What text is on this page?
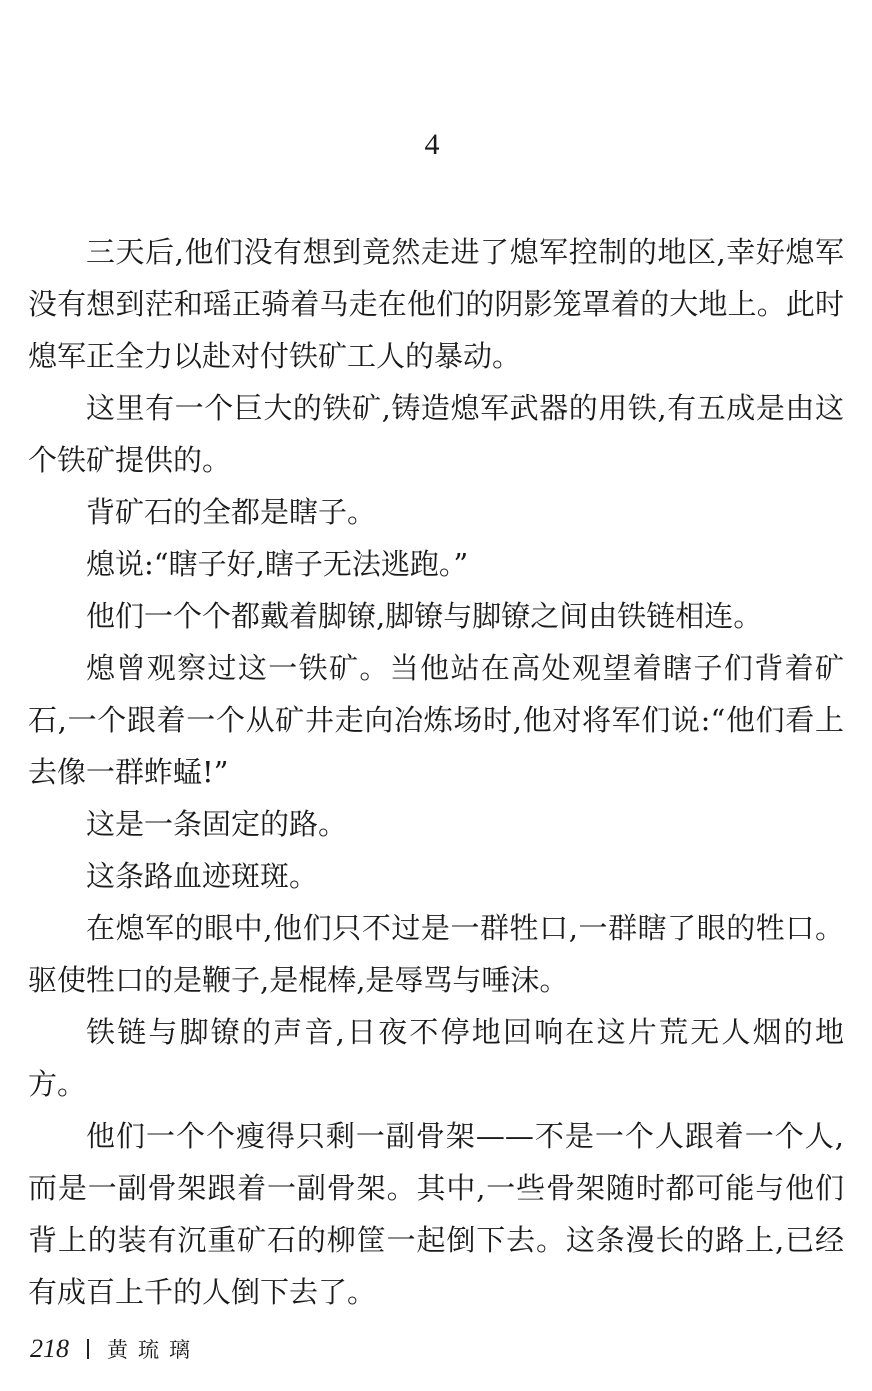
4

三天后,他们没有想到竟然走进了熄军控制的地区,幸好熄军没有想到茫和瑶正骑着马走在他们的阴影笼罩着的大地上。此时熄军正全力以赴对付铁矿工人的暴动。

这里有一个巨大的铁矿,铸造熄军武器的用铁,有五成是由这个铁矿提供的。

背矿石的全都是瞎子。

熄说:“瞎子好,瞎子无法逃跑。”

他们一个个都戴着脚镣,脚镣与脚镣之间由铁链相连。

熄曾观察过这一铁矿。当他站在高处观望着瞎子们背着矿石,一个跟着一个从矿井走向冶炼场时,他对将军们说:“他们看上去像一群蚱蜢!”

这是一条固定的路。

这条路血迹斑斑。

在熄军的眼中,他们只不过是一群牲口,一群瞎了眼的牲口。驱使牲口的是鞭子,是棍棒,是辱骂与唾沫。

铁链与脚镣的声音,日夜不停地回响在这片荒无人烟的地方。

他们一个个瘦得只剩一副骨架——不是一个人跟着一个人,而是一副骨架跟着一副骨架。其中,一些骨架随时都可能与他们背上的装有沉重矿石的柳筐一起倒下去。这条漫长的路上,已经有成百上千的人倒下去了。

218 黄琉璃
